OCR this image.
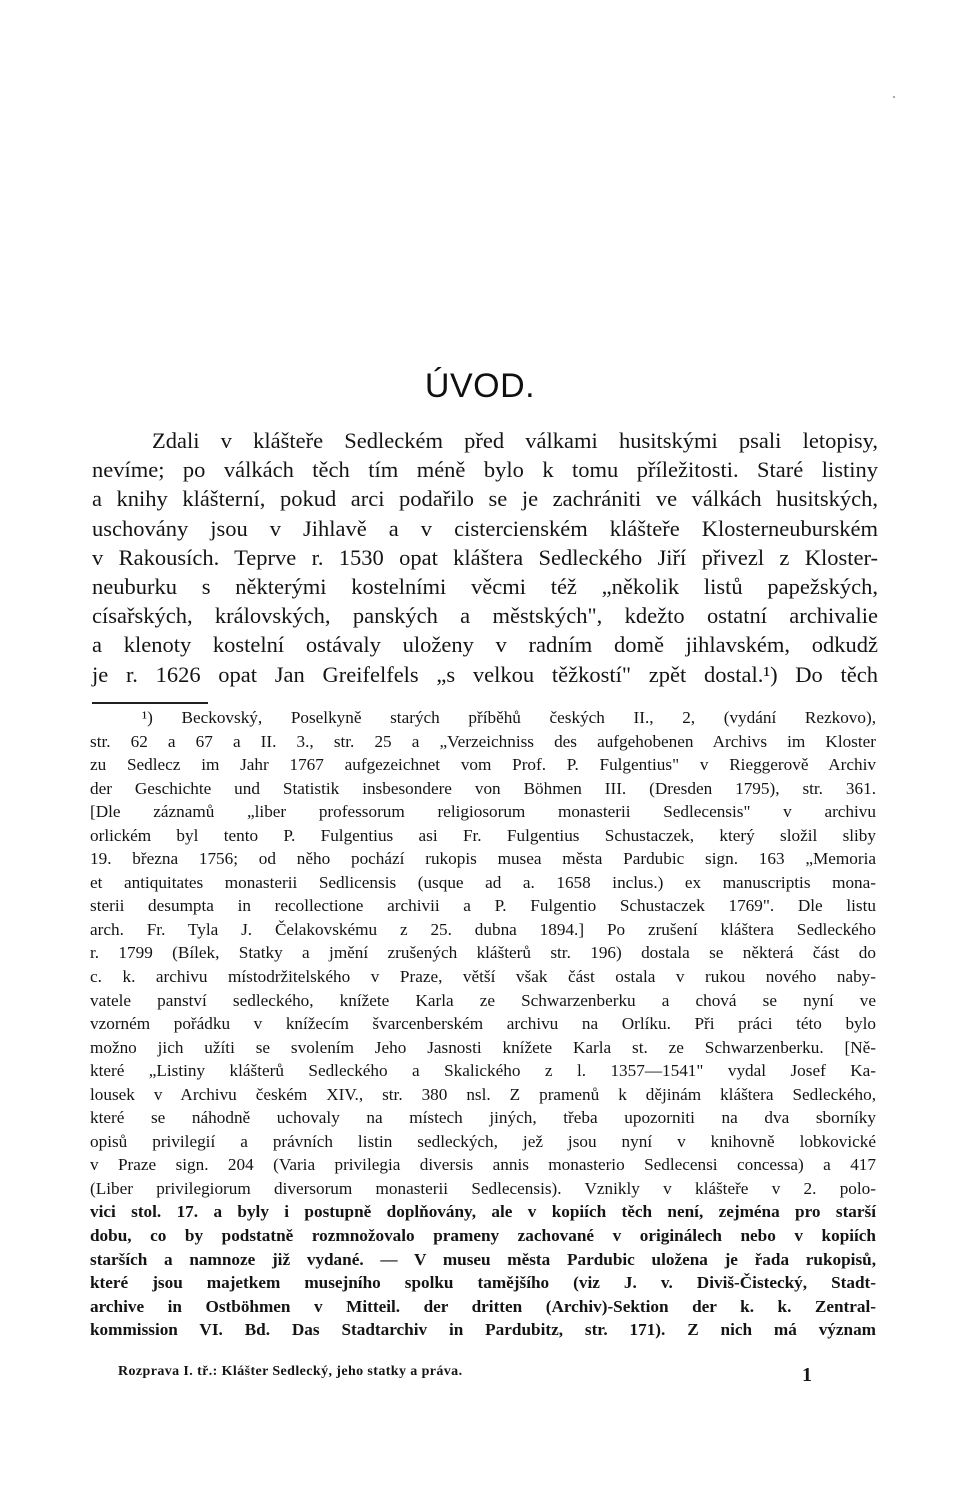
ÚVOD.
Zdali v klášteře Sedleckém před válkami husitskými psali letopisy,
nevíme; po válkách těch tím méně bylo k tomu příležitosti. Staré listiny
a knihy klášterní, pokud arci podařilo se je zachrániti ve válkách husitských,
uschovány jsou v Jihlavě a v cistercienském klášteře Klosterneuburském
v Rakousích. Teprve r. 1530 opat kláštera Sedleckého Jiří přivezl z Kloster-
neuburku s některými kostelními věcmi též „několik listů papežských,
císařských, královských, panských a městských", kdežto ostatní archivalie
a klenoty kostelní ostávaly uloženy v radním domě jihlavském, odkudž
je r. 1626 opat Jan Greifelfels „s velkou těžkostí" zpět dostal.¹) Do těch
¹) Beckovský, Poselkyně starých příběhů českých II., 2, (vydání Rezkovo),
str. 62 a 67 a II. 3., str. 25 a „Verzeichniss des aufgehobenen Archivs im Kloster
zu Sedlecz im Jahr 1767 aufgezeichnet vom Prof. P. Fulgentius" v Rieggerově Archiv
der Geschichte und Statistik insbesondere von Böhmen III. (Dresden 1795), str. 361.
[Dle záznamů „liber professorum religiosorum monasterii Sedlecensis" v archivu
orlickém byl tento P. Fulgentius asi Fr. Fulgentius Schustaczek, který složil sliby
19. března 1756; od něho pochází rukopis musea města Pardubic sign. 163 „Memoria
et antiquitates monasterii Sedlicensis (usque ad a. 1658 inclus.) ex manuscriptis mona-
sterii desumpta in recollectione archivii a P. Fulgentio Schustaczek 1769". Dle listu
arch. Fr. Tyla J. Čelakovskému z 25. dubna 1894.] Po zrušení kláštera Sedleckého
r. 1799 (Bílek, Statky a jmění zrušených klášterů str. 196) dostala se některá část do
c. k. archivu místodržitelského v Praze, větší však část ostala v rukou nového naby-
vatele panství sedleckého, knížete Karla ze Schwarzenberku a chová se nyní ve
vzorném pořádku v knížecím švarcenberském archivu na Orlíku. Při práci této bylo
možno jich užíti se svolením Jeho Jasnosti knížete Karla st. ze Schwarzenberku. [Ně-
které „Listiny klášterů Sedleckého a Skalického z l. 1357—1541" vydal Josef Ka-
lousek v Archivu českém XIV., str. 380 nsl. Z pramenů k dějinám kláštera Sedleckého,
které se náhodně uchovaly na místech jiných, třeba upozorniti na dva sborníky
opisů privilegií a právních listin sedleckých, jež jsou nyní v knihovně lobkovické
v Praze sign. 204 (Varia privilegia diversis annis monasterio Sedlecensi concessa) a 417
(Liber privilegiorum diversorum monasterii Sedlecensis). Vznikly v klášteře v 2. polo-
vici stol. 17. a byly i postupně doplňovány, ale v kopiích těch není, zejména pro starší
dobu, co by podstatně rozmnožovalo prameny zachované v originálech nebo v kopiích
starších a namnoze již vydané. — V museu města Pardubic uložena je řada rukopisů,
které jsou majetkem musejního spolku tamějšího (viz J. v. Diviš-Čistecký, Stadt-
archive in Ostböhmen v Mitteil. der dritten (Archiv)-Sektion der k. k. Zentral-
kommission VI. Bd. Das Stadtarchiv in Pardubitz, str. 171). Z nich má význam
Rozprava I. tř.: Klášter Sedlecký, jeho statky a práva.	1
